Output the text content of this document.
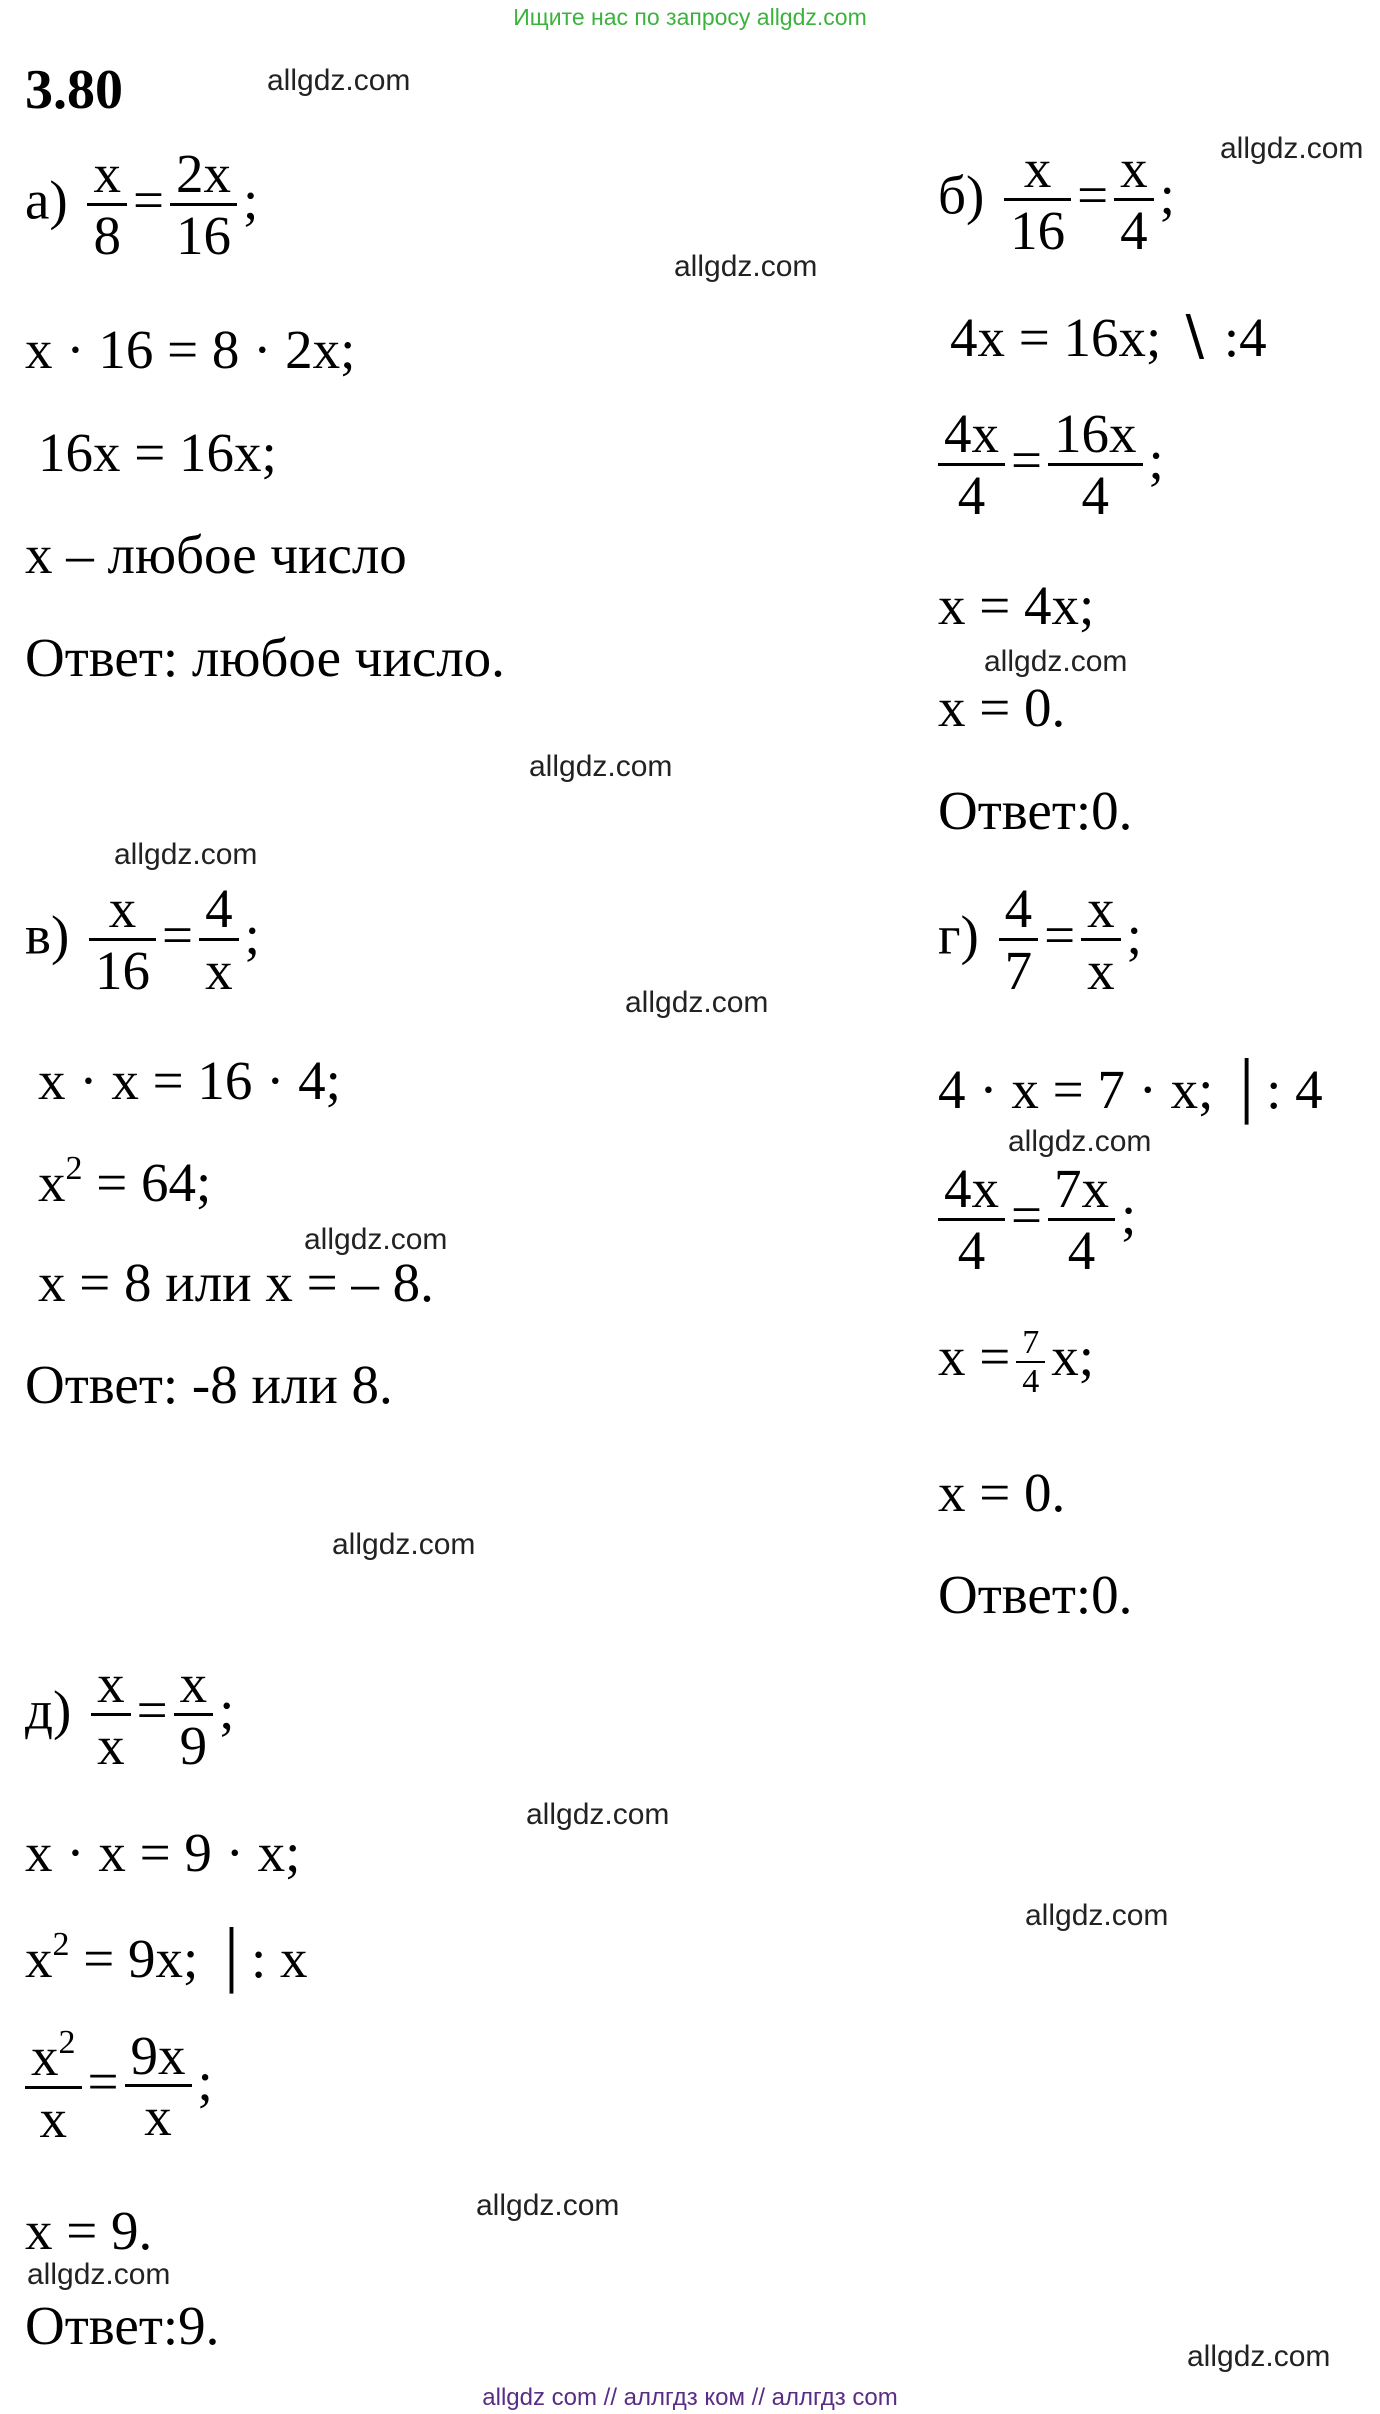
Ищите нас по запросу allgdz.com
3.80	allgdz.com
allgdz.com
allgdz.com
allgdz.com
allgdz.com
allgdz.com
allgdz.com
allgdz.com
allgdz.com
allgdz.com
allgdz.com
allgdz.com
allgdz.com
allgdz.com
allgdz.com
$а) \frac{x}{8} = \frac{2x}{16}$ ;
x · 16 = 8 · 2x;
16x = 16x;
x – любое число
Ответ: любое число.
$б) \frac{x}{16} = \frac{x}{4}$ ;
4x = 16x; ∖ :4
$\frac{4x}{4} = \frac{16x}{4}$ ;
x = 4x;
x = 0.
Ответ:0.
$в) \frac{x}{16} = \frac{4}{x}$ ;
x · x = 16 · 4;
$x^2 = 64$;
x = 8 или x = – 8.
Ответ: -8 или 8.
$г) \frac{4}{7} = \frac{x}{x}$ ;
4 · x = 7 · x; │: 4
$\frac{4x}{4} = \frac{7x}{4}$ ;
$x = \frac{7}{4} x$;
x = 0.
Ответ:0.
$д) \frac{x}{x} = \frac{x}{9}$ ;
x · x = 9 · x;
$x^2 = 9x$; │: x
$\frac{x^2}{x} = \frac{9x}{x}$ ;
x = 9.
Ответ:9.
allgdz com // аллгдз ком // аллгдз com
